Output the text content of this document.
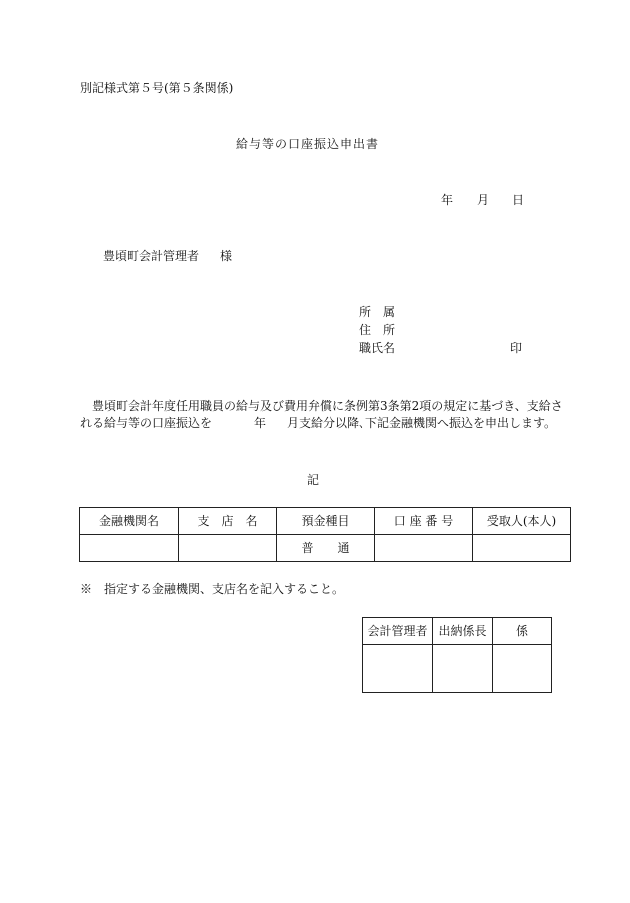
別記様式第５号(第５条関係)
給与等の口座振込申出書
年 月 日
豊頃町会計管理者 様
所　属
住　所
職氏名	印
豊頃町会計年度任用職員の給与及び費用弁償に条例第3条第2項の規定に基づき、支給さ
れる給与等の口座振込を	年 月支給分以降､下記金融機関へ振込を申出します。
記
金融機関名	支　店　名	預金種目	口 座 番 号	受取人(本人)
		普　　通		
※　指定する金融機関、支店名を記入すること。
会計管理者	出納係長	係
